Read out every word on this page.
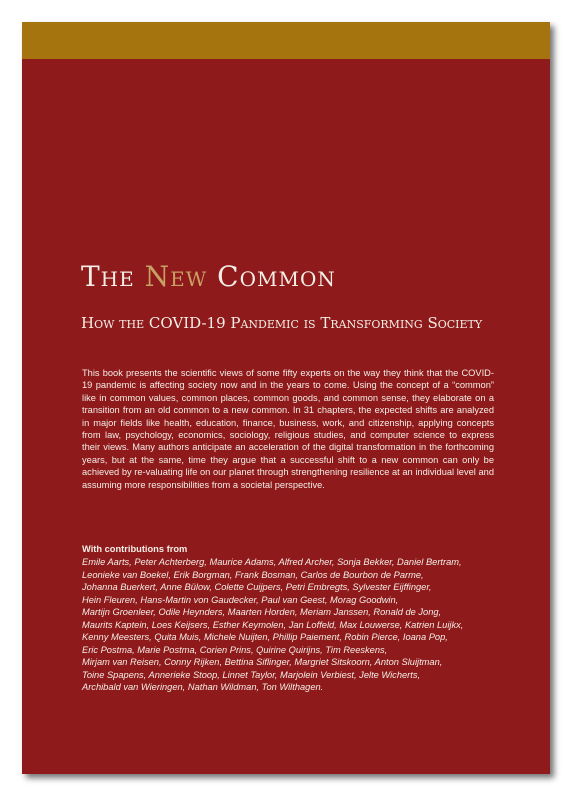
The New Common
How the COVID-19 Pandemic is Transforming Society

This book presents the scientific views of some fifty experts on the way they think that the COVID-19 pandemic is affecting society now and in the years to come. Using the concept of a “common” like in common values, common places, common goods, and common sense, they elaborate on a transition from an old common to a new common. In 31 chapters, the expected shifts are analyzed in major fields like health, education, finance, business, work, and citizenship, applying concepts from law, psychology, economics, sociology, religious studies, and computer science to express their views. Many authors anticipate an acceleration of the digital transformation in the forthcoming years, but at the same, time they argue that a successful shift to a new common can only be achieved by re-valuating life on our planet through strengthening resilience at an individual level and assuming more responsibilities from a societal perspective.

With contributions from

Emile Aarts, Peter Achterberg, Maurice Adams, Alfred Archer, Sonja Bekker, Daniel Bertram,
Leonieke van Boekel, Erik Borgman, Frank Bosman, Carlos de Bourbon de Parme,
Johanna Buerkert, Anne Bülow, Colette Cuijpers, Petri Embregts, Sylvester Eijffinger,
Hein Fleuren, Hans-Martin von Gaudecker, Paul van Geest, Morag Goodwin,
Martijn Groenleer, Odile Heynders, Maarten Horden, Meriam Janssen, Ronald de Jong,
Maurits Kaptein, Loes Keijsers, Esther Keymolen, Jan Loffeld, Max Louwerse, Katrien Luijkx,
Kenny Meesters, Quita Muis, Michele Nuijten, Phillip Paiement, Robin Pierce, Ioana Pop,
Eric Postma, Marie Postma, Corien Prins, Quirine Quirijns, Tim Reeskens,
Mirjam van Reisen, Conny Rijken, Bettina Siflinger, Margriet Sitskoorn, Anton Sluijtman,
Toine Spapens, Annerieke Stoop, Linnet Taylor, Marjolein Verbiest, Jelte Wicherts,
Archibald van Wieringen, Nathan Wildman, Ton Wilthagen.
